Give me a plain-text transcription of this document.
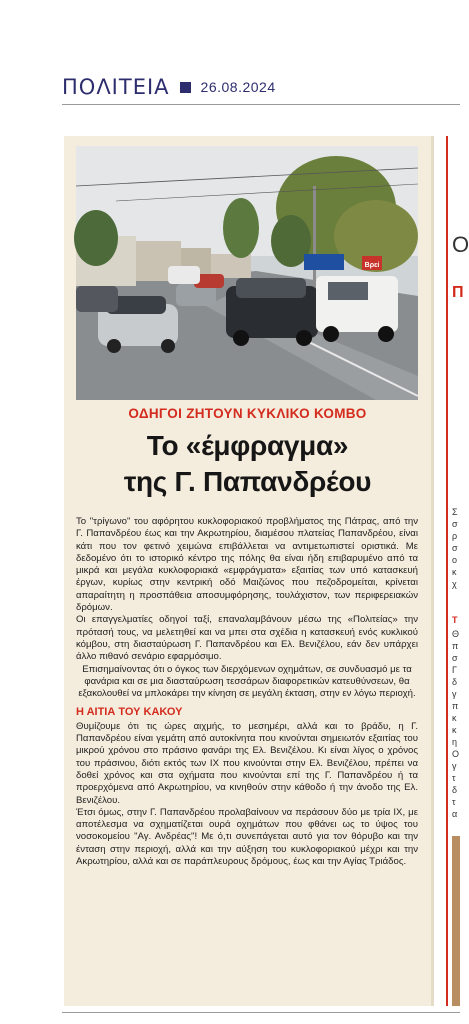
ΠΟΛΙΤΕΙΑ 26.08.2024
Βρεί
ΟΔΗΓΟΙ ΖΗΤΟΥΝ ΚΥΚΛΙΚΟ ΚΟΜΒΟ
Το «έμφραγμα»
της Γ. Παπανδρέου

Το "τρίγωνο" του αφόρητου κυκλοφοριακού προβλήματος της Πάτρας, από την Γ. Παπανδρέου έως και την Ακρωτηρίου, διαμέσου πλατείας Παπανδρέου, είναι κάτι που τον φετινό χειμώνα επιβάλλεται να αντιμετωπιστεί οριστικά. Με δεδομένο ότι το ιστορικό κέντρο της πόλης θα είναι ήδη επιβαρυμένο από τα μικρά και μεγάλα κυκλοφοριακά «εμφράγματα» εξαιτίας των υπό κατασκευή έργων, κυρίως στην κεντρική οδό Μαιζώνος που πεζοδρομείται, κρίνεται απαραίτητη η προσπάθεια αποσυμφόρησης, τουλάχιστον, των περιφερειακών δρόμων.

Οι επαγγελματίες οδηγοί ταξί, επαναλαμβάνουν μέσω της «Πολιτείας» την πρότασή τους, να μελετηθεί και να μπει στα σχέδια η κατασκευή ενός κυκλικού κόμβου, στη διασταύρωση Γ. Παπανδρέου και Ελ. Βενιζέλου, εάν δεν υπάρχει άλλο πιθανό σενάριο εφαρμόσιμο.

Επισημαίνοντας ότι ο όγκος των διερχόμενων οχημάτων, σε συνδυασμό με τα φανάρια και σε μια διασταύρωση τεσσάρων διαφορετικών κατευθύνσεων, θα εξακολουθεί να μπλοκάρει την κίνηση σε μεγάλη έκταση, στην εν λόγω περιοχή.

Η ΑΙΤΙΑ ΤΟΥ ΚΑΚΟΥ

Θυμίζουμε ότι τις ώρες αιχμής, το μεσημέρι, αλλά και το βράδυ, η Γ. Παπανδρέου είναι γεμάτη από αυτοκίνητα που κινούνται σημειωτόν εξαιτίας του μικρού χρόνου στο πράσινο φανάρι της Ελ. Βενιζέλου. Κι είναι λίγος ο χρόνος του πράσινου, διότι εκτός των ΙΧ που κινούνται στην Ελ. Βενιζέλου, πρέπει να δοθεί χρόνος και στα οχήματα που κινούνται επί της Γ. Παπανδρέου ή τα προερχόμενα από Ακρωτηρίου, να κινηθούν στην κάθοδο ή την άνοδο της Ελ. Βενιζέλου.

Έτσι όμως, στην Γ. Παπανδρέου προλαβαίνουν να περάσουν δύο με τρία ΙΧ, με αποτέλεσμα να σχηματίζεται ουρά οχημάτων που φθάνει ως το ύψος του νοσοκομείου "Αγ. Ανδρέας"! Με ό,τι συνεπάγεται αυτό για τον θόρυβο και την ένταση στην περιοχή, αλλά και την αύξηση του κυκλοφοριακού μέχρι και την Ακρωτηρίου, αλλά και σε παράπλευρους δρόμους, έως και την Αγίας Τριάδος.

Ο
Π
Σ
σ
ρ
σ
ο
κ
χ
Τ
Θ
π
σ
Γ
δ
γ
π
κ
κ
η
Ο
γ
τ
δ
τ
α
